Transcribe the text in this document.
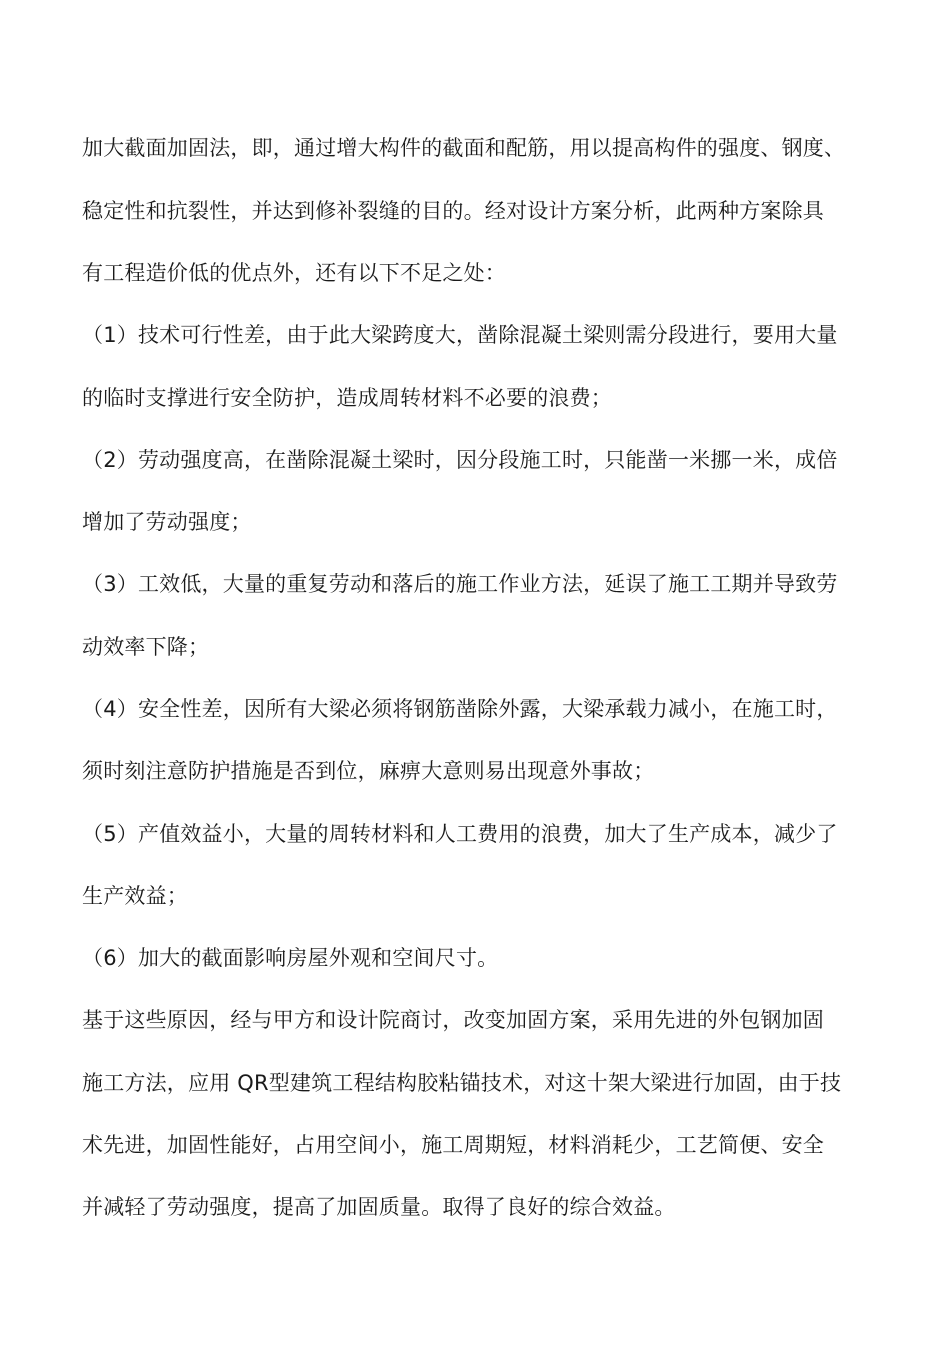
加大截面加固法，即，通过增大构件的截面和配筋，用以提高构件的强度、钢度、
稳定性和抗裂性，并达到修补裂缝的目的。经对设计方案分析，此两种方案除具
有工程造价低的优点外，还有以下不足之处：
（1）技术可行性差，由于此大梁跨度大，凿除混凝土梁则需分段进行，要用大量
的临时支撑进行安全防护，造成周转材料不必要的浪费；
（2）劳动强度高，在凿除混凝土梁时，因分段施工时，只能凿一米挪一米，成倍
增加了劳动强度；
（3）工效低，大量的重复劳动和落后的施工作业方法，延误了施工工期并导致劳
动效率下降；
（4）安全性差，因所有大梁必须将钢筋凿除外露，大梁承载力减小，在施工时，
须时刻注意防护措施是否到位，麻痹大意则易出现意外事故；
（5）产值效益小，大量的周转材料和人工费用的浪费，加大了生产成本，减少了
生产效益；
（6）加大的截面影响房屋外观和空间尺寸。
基于这些原因，经与甲方和设计院商讨，改变加固方案，采用先进的外包钢加固
施工方法，应用 QR型建筑工程结构胶粘锚技术，对这十架大梁进行加固，由于技
术先进，加固性能好，占用空间小，施工周期短，材料消耗少，工艺简便、安全
并减轻了劳动强度，提高了加固质量。取得了良好的综合效益。
